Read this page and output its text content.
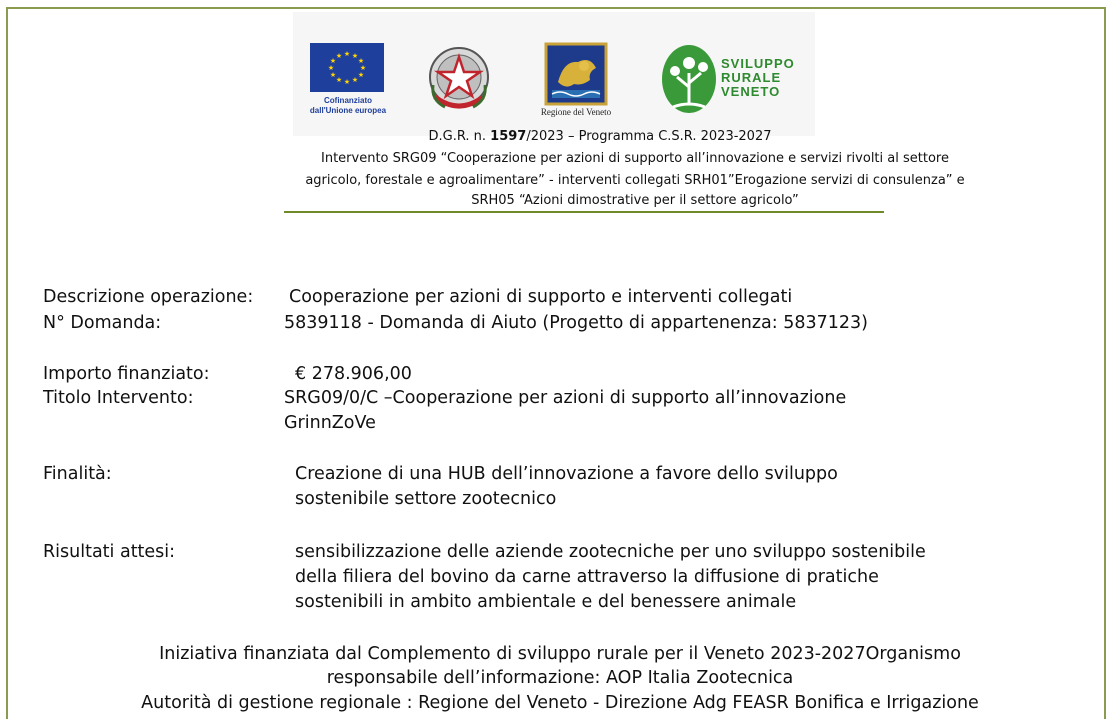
★ ★
★
★
★
★
★
★
★
★
★
★
Cofinanziato
dall'Unione europea	Regione del Veneto
SVILUPPO
RURALE
VENETO
D.G.R. n. 1597/2023 – Programma C.S.R. 2023-2027
Intervento SRG09 “Cooperazione per azioni di supporto all’innovazione e servizi rivolti al settore
agricolo, forestale e agroalimentare” - interventi collegati SRH01”Erogazione servizi di consulenza” e
SRH05 “Azioni dimostrative per il settore agricolo”
Descrizione operazione: Cooperazione per azioni di supporto e interventi collegati
N° Domanda:	5839118 - Domanda di Aiuto (Progetto di appartenenza: 5837123)
Importo finanziato:	€ 278.906,00
Titolo Intervento:	SRG09/0/C –Cooperazione per azioni di supporto all’innovazione
GrinnZoVe
Finalità:	Creazione di una HUB dell’innovazione a favore dello sviluppo
sostenibile settore zootecnico
Risultati attesi:	sensibilizzazione delle aziende zootecniche per uno sviluppo sostenibile
della filiera del bovino da carne attraverso la diffusione di pratiche
sostenibili in ambito ambientale e del benessere animale
Iniziativa finanziata dal Complemento di sviluppo rurale per il Veneto 2023-2027Organismo
responsabile dell’informazione: AOP Italia Zootecnica
Autorità di gestione regionale : Regione del Veneto - Direzione Adg FEASR Bonifica e Irrigazione
